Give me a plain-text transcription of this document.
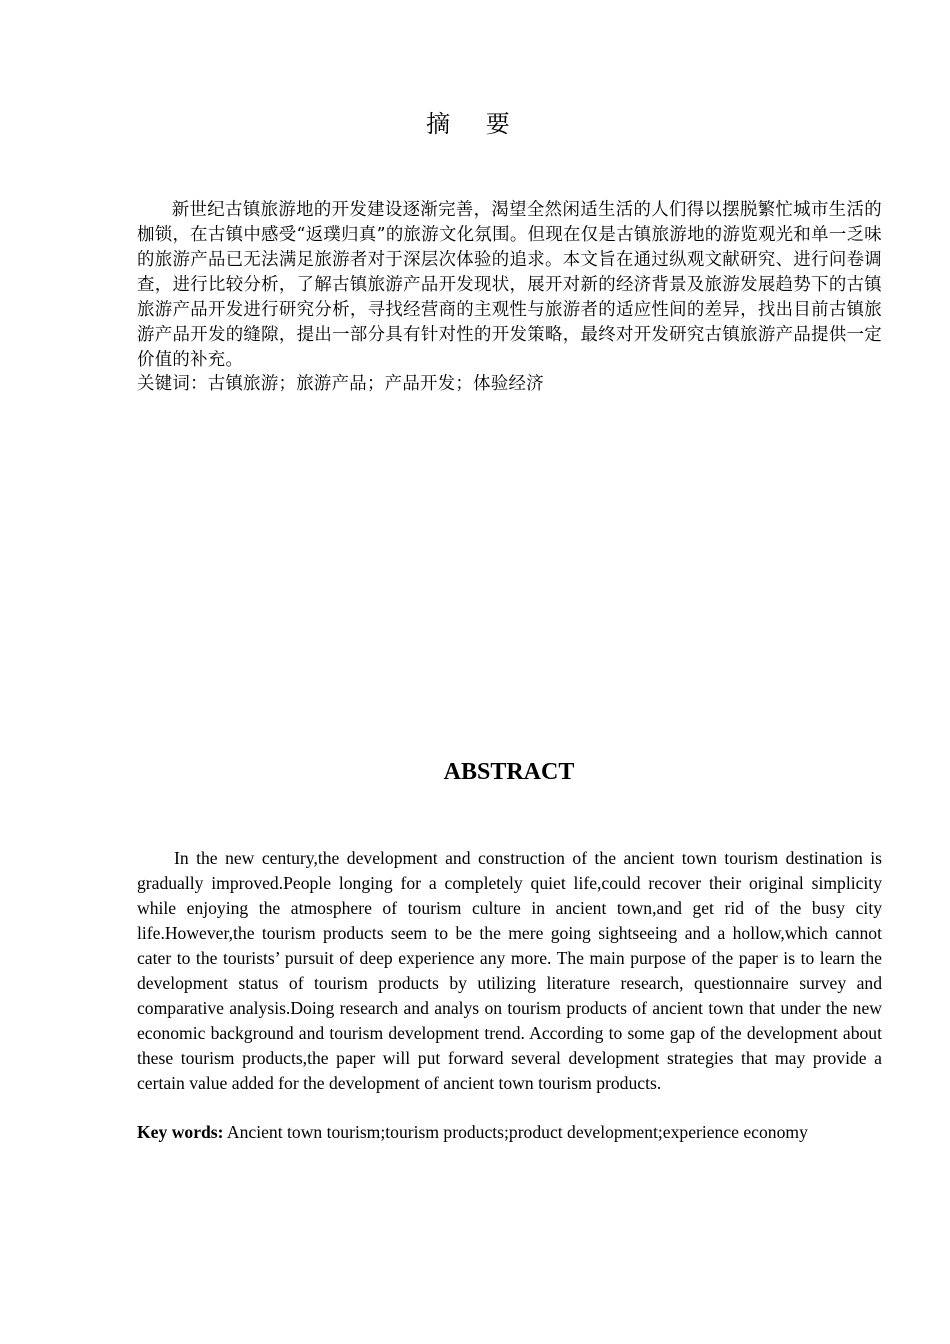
摘 要
新世纪古镇旅游地的开发建设逐渐完善，渴望全然闲适生活的人们得以摆脱繁忙城市生活的枷锁，在古镇中感受“返璞归真”的旅游文化氛围。但现在仅是古镇旅游地的游览观光和单一乏味的旅游产品已无法满足旅游者对于深层次体验的追求。本文旨在通过纵观文献研究、进行问卷调查，进行比较分析，了解古镇旅游产品开发现状，展开对新的经济背景及旅游发展趋势下的古镇旅游产品开发进行研究分析，寻找经营商的主观性与旅游者的适应性间的差异，找出目前古镇旅游产品开发的缝隙，提出一部分具有针对性的开发策略，最终对开发研究古镇旅游产品提供一定价值的补充。
关键词：古镇旅游；旅游产品；产品开发；体验经济
ABSTRACT
In the new century,the development and construction of the ancient town tourism destination is gradually improved.People longing for a completely quiet life,could recover their original simplicity while enjoying the atmosphere of tourism culture in ancient town,and get rid of the busy city life.However,the tourism products seem to be the mere going sightseeing and a hollow,which cannot cater to the tourists’ pursuit of deep experience any more. The main purpose of the paper is to learn the development status of tourism products by utilizing literature research, questionnaire survey and comparative analysis.Doing research and analys on tourism products of ancient town that under the new economic background and tourism development trend. According to some gap of the development about these tourism products,the paper will put forward several development strategies that may provide a certain value added for the development of ancient town tourism products.
Key words: Ancient town tourism;tourism products;product development;experience economy
